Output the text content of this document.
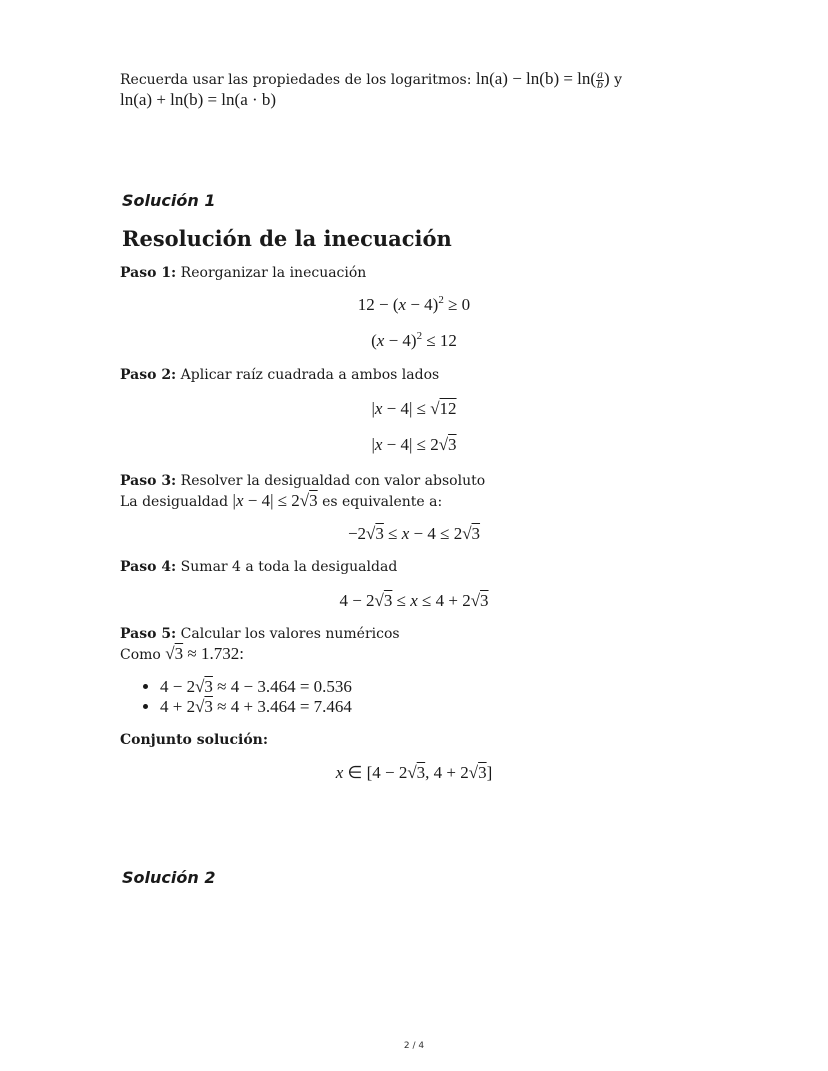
Recuerda usar las propiedades de los logaritmos: $\ln(a) - \ln(b) = \ln( \frac{a}{b}$ ) y
ln(a) + ln(b) = ln(a · b)
Solución 1
Resolución de la inecuación
Paso 1: Reorganizar la inecuación
$12 - (x - 4)^2 \ge 0$
$(x - 4)^2 \le 12$
Paso 2: Aplicar raíz cuadrada a ambos lados
|x − 4| ≤ √12
|x − 4| ≤ 2√3
Paso 3: Resolver la desigualdad con valor absoluto
La desigualdad |x − 4| ≤ 2√3 es equivalente a:
−2√3 ≤ x − 4 ≤ 2√3
Paso 4: Sumar 4 a toda la desigualdad
4 − 2√3 ≤ x ≤ 4 + 2√3
Paso 5: Calcular los valores numéricos
Como √3 ≈ 1.732:
• 4 − 2√3 ≈ 4 − 3.464 = 0.536
• 4 + 2√3 ≈ 4 + 3.464 = 7.464
Conjunto solución:
x ∈ [4 − 2√3, 4 + 2√3]
Solución 2
2 / 4
